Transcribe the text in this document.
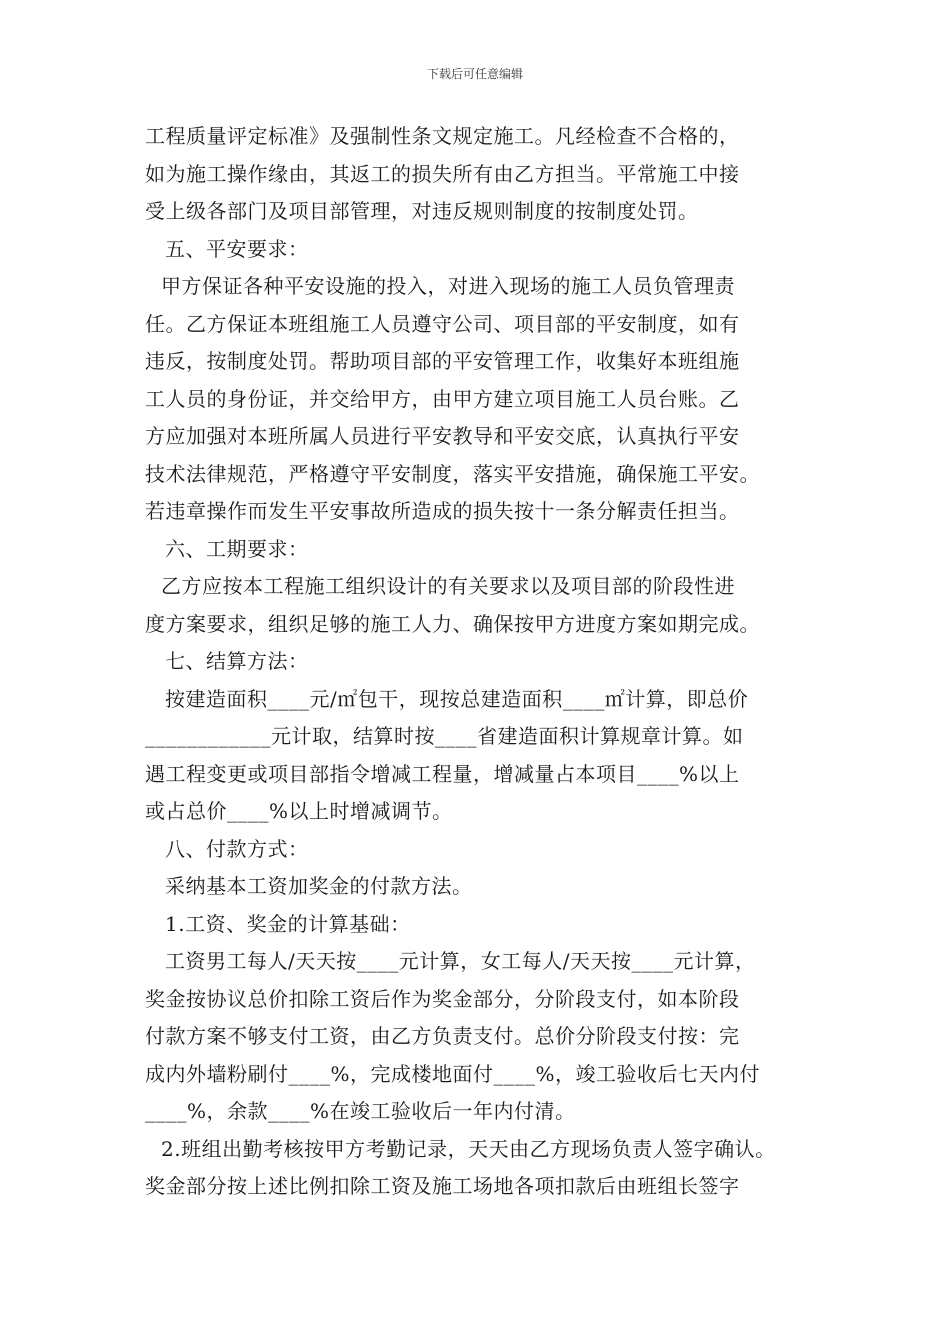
下载后可任意编辑
工程质量评定标准》及强制性条文规定施工。凡经检查不合格的，
如为施工操作缘由，其返工的损失所有由乙方担当。平常施工中接
受上级各部门及项目部管理，对违反规则制度的按制度处罚。
五、平安要求：
甲方保证各种平安设施的投入，对进入现场的施工人员负管理责
任。乙方保证本班组施工人员遵守公司、项目部的平安制度，如有
违反，按制度处罚。帮助项目部的平安管理工作，收集好本班组施
工人员的身份证，并交给甲方，由甲方建立项目施工人员台账。乙
方应加强对本班所属人员进行平安教导和平安交底，认真执行平安
技术法律规范，严格遵守平安制度，落实平安措施，确保施工平安。
若违章操作而发生平安事故所造成的损失按十一条分解责任担当。
六、工期要求：
乙方应按本工程施工组织设计的有关要求以及项目部的阶段性进
度方案要求，组织足够的施工人力、确保按甲方进度方案如期完成。
七、结算方法：
按建造面积____元/㎡包干，现按总建造面积____㎡计算，即总价
____________元计取，结算时按____省建造面积计算规章计算。如
遇工程变更或项目部指令增减工程量，增减量占本项目____%以上
或占总价____%以上时增减调节。
八、付款方式：
采纳基本工资加奖金的付款方法。
1.工资、奖金的计算基础：
工资男工每人/天天按____元计算，女工每人/天天按____元计算，
奖金按协议总价扣除工资后作为奖金部分，分阶段支付，如本阶段
付款方案不够支付工资，由乙方负责支付。总价分阶段支付按：完
成内外墙粉刷付____%，完成楼地面付____%，竣工验收后七天内付
____%，余款____%在竣工验收后一年内付清。
2.班组出勤考核按甲方考勤记录，天天由乙方现场负责人签字确认。
奖金部分按上述比例扣除工资及施工场地各项扣款后由班组长签字
